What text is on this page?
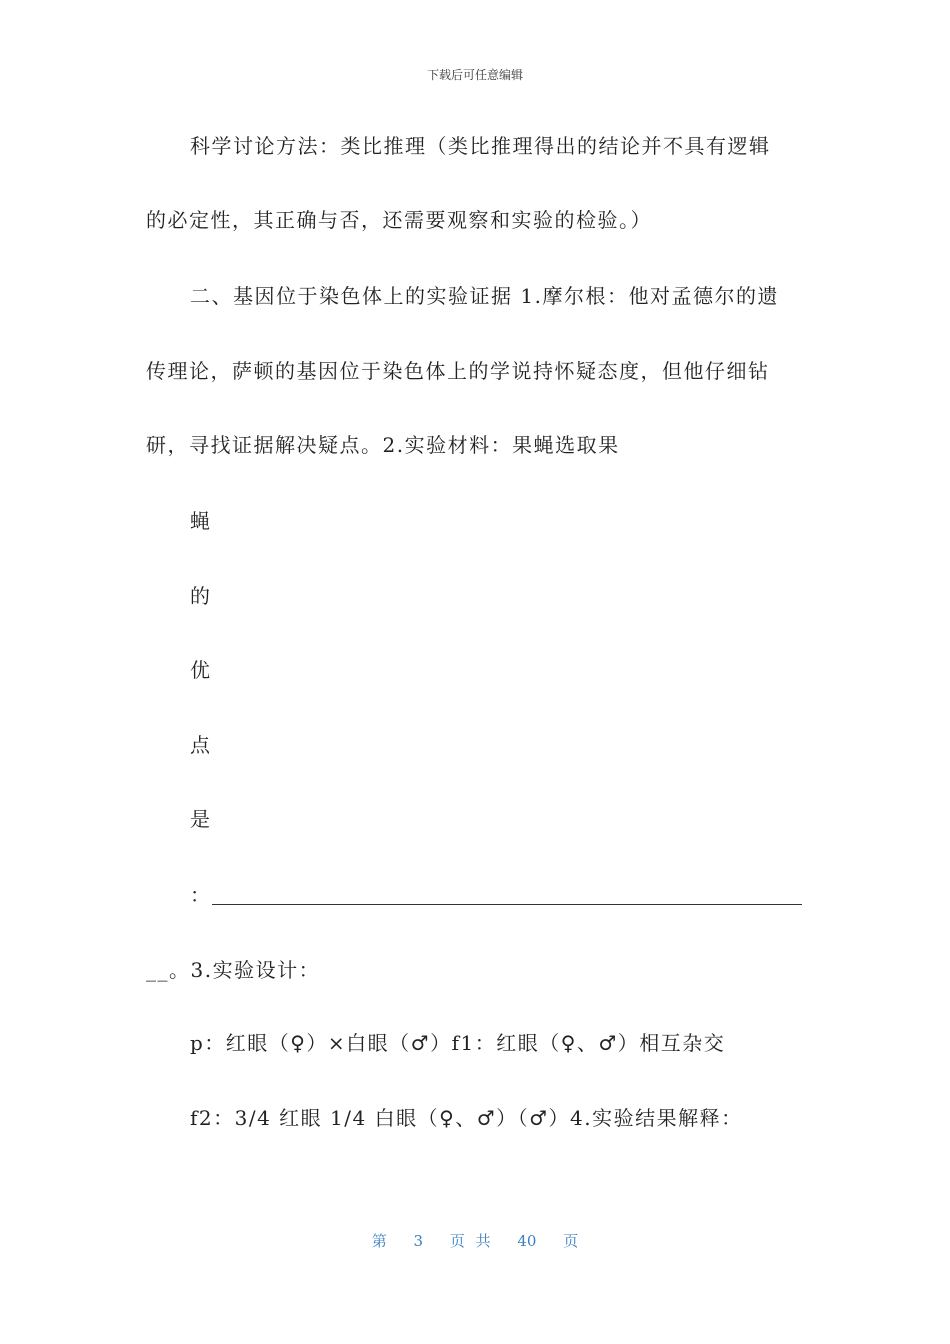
下载后可任意编辑
科学讨论方法：类比推理（类比推理得出的结论并不具有逻辑
的必定性，其正确与否，还需要观察和实验的检验。）
二、基因位于染色体上的实验证据 1.摩尔根：他对孟德尔的遗
传理论，萨顿的基因位于染色体上的学说持怀疑态度，但他仔细钻
研，寻找证据解决疑点。2.实验材料：果蝇选取果
蝇
的
优
点
是
：
__。3.实验设计：
p：红眼（♀）×白眼（♂）f1：红眼（♀、♂）相互杂交
f2：3/4 红眼 1/4 白眼（♀、♂）（♂）4.实验结果解释：
第 3 页 共 40 页
